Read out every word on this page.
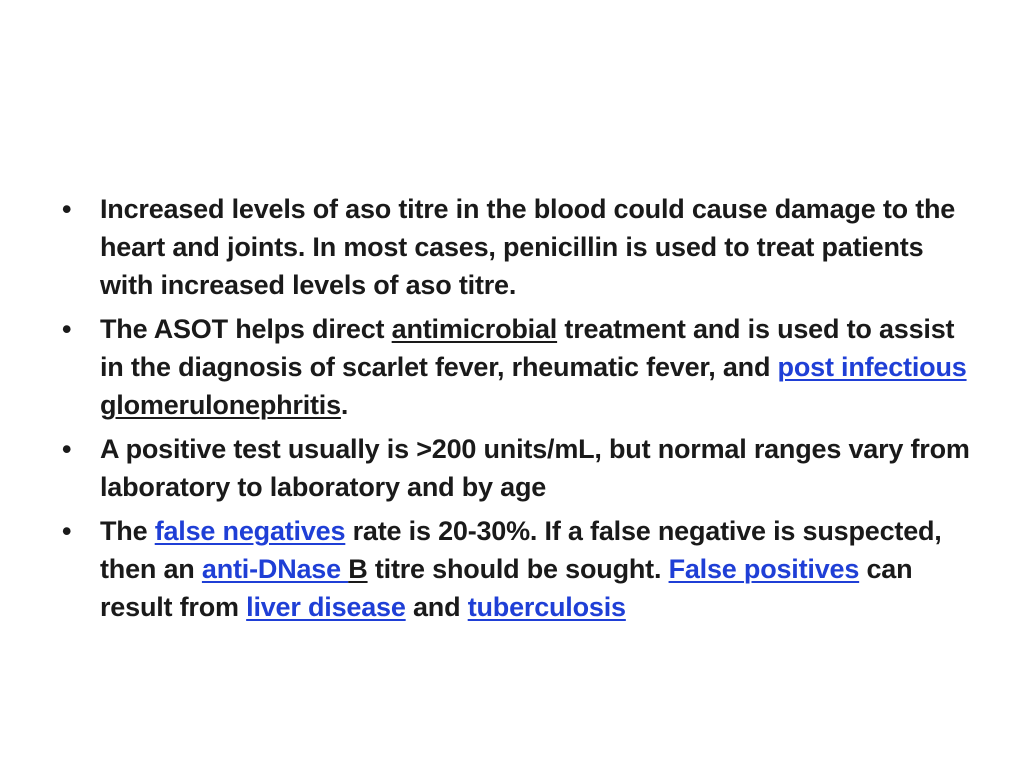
• Increased levels of aso titre in the blood could cause damage to the heart and joints. In most cases, penicillin is used to treat patients with increased levels of aso titre.
• The ASOT helps direct antimicrobial treatment and is used to assist in the diagnosis of scarlet fever, rheumatic fever, and post infectious glomerulonephritis.
• A positive test usually is >200 units/mL, but normal ranges vary from laboratory to laboratory and by age
• The false negatives rate is 20-30%. If a false negative is suspected, then an anti-DNase B titre should be sought. False positives can result from liver disease and tuberculosis
